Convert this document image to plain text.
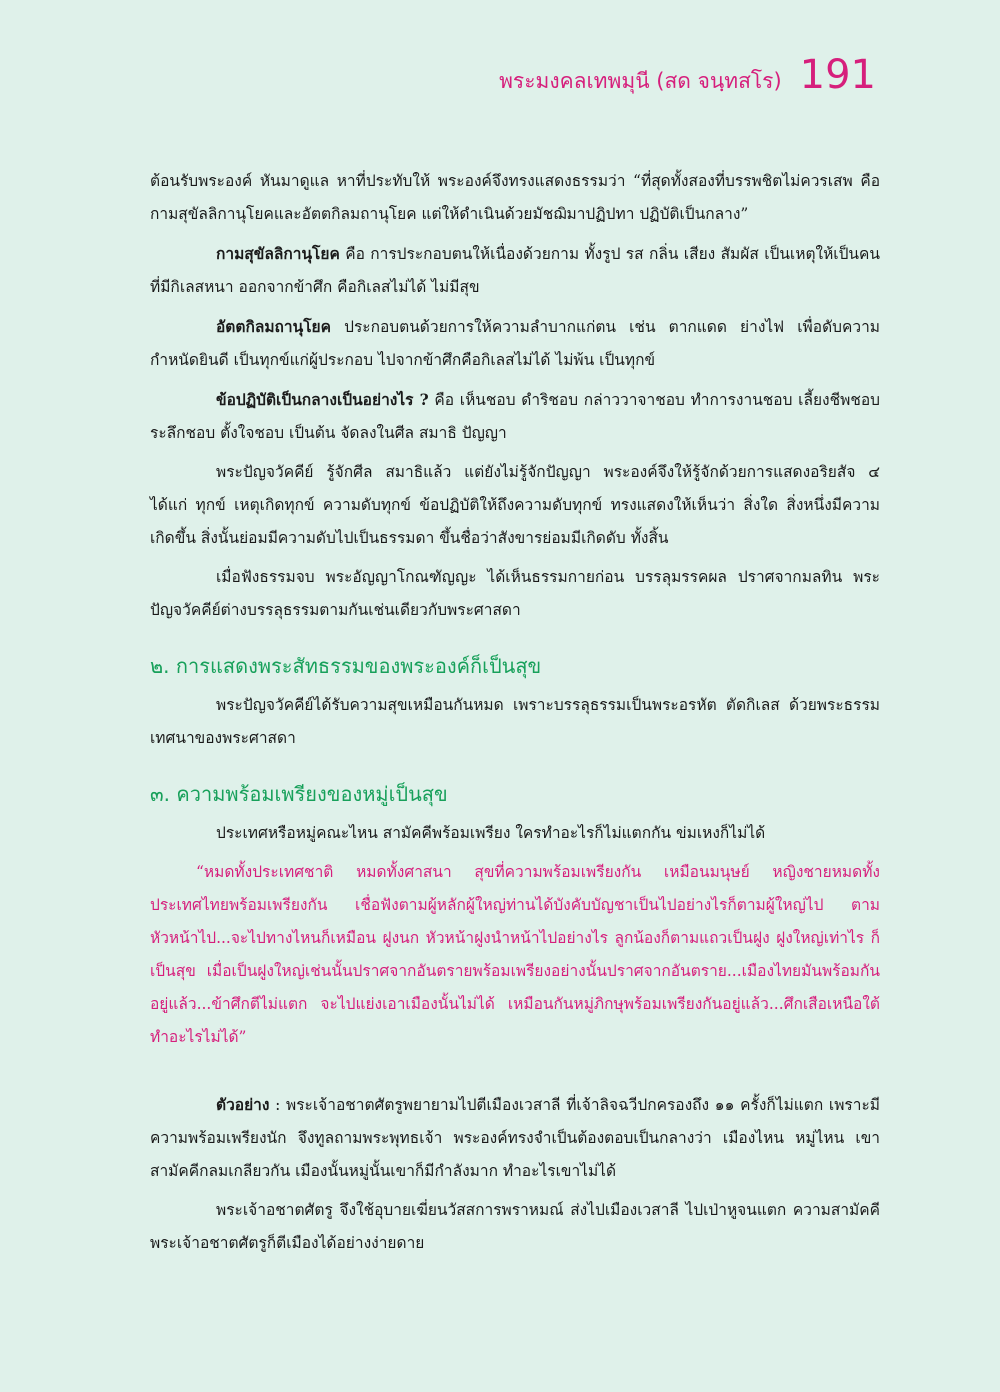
พระมงคลเทพมุนี (สด จนฺทสโร) 191

ต้อนรับพระองค์ หันมาดูแล หาที่ประทับให้ พระองค์จึงทรงแสดงธรรมว่า “ที่สุดทั้งสองที่บรรพชิตไม่ควรเสพ คือ กามสุขัลลิกานุโยคและอัตตกิลมถานุโยค แต่ให้ดำเนินด้วยมัชฌิมาปฏิปทา ปฏิบัติเป็นกลาง”

กามสุขัลลิกานุโยค คือ การประกอบตนให้เนื่องด้วยกาม ทั้งรูป รส กลิ่น เสียง สัมผัส เป็นเหตุให้เป็นคนที่มีกิเลสหนา ออกจากข้าศึก คือกิเลสไม่ได้ ไม่มีสุข

อัตตกิลมถานุโยค ประกอบตนด้วยการให้ความลำบากแก่ตน เช่น ตากแดด ย่างไฟ เพื่อดับความกำหนัดยินดี เป็นทุกข์แก่ผู้ประกอบ ไปจากข้าศึกคือกิเลสไม่ได้ ไม่พ้น เป็นทุกข์

ข้อปฏิบัติเป็นกลางเป็นอย่างไร ? คือ เห็นชอบ ดำริชอบ กล่าววาจาชอบ ทำการงานชอบ เลี้ยงชีพชอบ ระลึกชอบ ตั้งใจชอบ เป็นต้น จัดลงในศีล สมาธิ ปัญญา

พระปัญจวัคคีย์ รู้จักศีล สมาธิแล้ว แต่ยังไม่รู้จักปัญญา พระองค์จึงให้รู้จักด้วยการแสดงอริยสัจ ๔ ได้แก่ ทุกข์ เหตุเกิดทุกข์ ความดับทุกข์ ข้อปฏิบัติให้ถึงความดับทุกข์ ทรงแสดงให้เห็นว่า สิ่งใด สิ่งหนึ่งมีความเกิดขึ้น สิ่งนั้นย่อมมีความดับไปเป็นธรรมดา ขึ้นชื่อว่าสังขารย่อมมีเกิดดับ ทั้งสิ้น

เมื่อฟังธรรมจบ พระอัญญาโกณฑัญญะ ได้เห็นธรรมกายก่อน บรรลุมรรคผล ปราศจากมลทิน พระปัญจวัคคีย์ต่างบรรลุธรรมตามกันเช่นเดียวกับพระศาสดา

๒. การแสดงพระสัทธรรมของพระองค์ก็เป็นสุข

พระปัญจวัคคีย์ได้รับความสุขเหมือนกันหมด เพราะบรรลุธรรมเป็นพระอรหัต ตัดกิเลส ด้วยพระธรรมเทศนาของพระศาสดา

๓. ความพร้อมเพรียงของหมู่เป็นสุข

ประเทศหรือหมู่คณะไหน สามัคคีพร้อมเพรียง ใครทำอะไรก็ไม่แตกกัน ข่มเหงก็ไม่ได้

“หมดทั้งประเทศชาติ หมดทั้งศาสนา สุขที่ความพร้อมเพรียงกัน เหมือนมนุษย์ หญิงชายหมดทั้งประเทศไทยพร้อมเพรียงกัน เชื่อฟังตามผู้หลักผู้ใหญ่ท่านได้บังคับบัญชาเป็นไปอย่างไรก็ตามผู้ใหญ่ไป ตามหัวหน้าไป...จะไปทางไหนก็เหมือน ฝูงนก หัวหน้าฝูงนำหน้าไปอย่างไร ลูกน้องก็ตามแถวเป็นฝูง ฝูงใหญ่เท่าไร ก็เป็นสุข เมื่อเป็นฝูงใหญ่เช่นนั้นปราศจากอันตรายพร้อมเพรียงอย่างนั้นปราศจากอันตราย...เมืองไทยมันพร้อมกันอยู่แล้ว...ข้าศึกตีไม่แตก จะไปแย่งเอาเมืองนั้นไม่ได้ เหมือนกันหมู่ภิกษุพร้อมเพรียงกันอยู่แล้ว...ศึกเสือเหนือใต้ทำอะไรไม่ได้”

ตัวอย่าง : พระเจ้าอชาตศัตรูพยายามไปตีเมืองเวสาลี ที่เจ้าลิจฉวีปกครองถึง ๑๑ ครั้งก็ไม่แตก เพราะมีความพร้อมเพรียงนัก จึงทูลถามพระพุทธเจ้า พระองค์ทรงจำเป็นต้องตอบเป็นกลางว่า เมืองไหน หมู่ไหน เขาสามัคคีกลมเกลียวกัน เมืองนั้นหมู่นั้นเขาก็มีกำลังมาก ทำอะไรเขาไม่ได้

พระเจ้าอชาตศัตรู จึงใช้อุบายเฆี่ยนวัสสการพราหมณ์ ส่งไปเมืองเวสาลี ไปเป่าหูจนแตก ความสามัคคี พระเจ้าอชาตศัตรูก็ตีเมืองได้อย่างง่ายดาย
